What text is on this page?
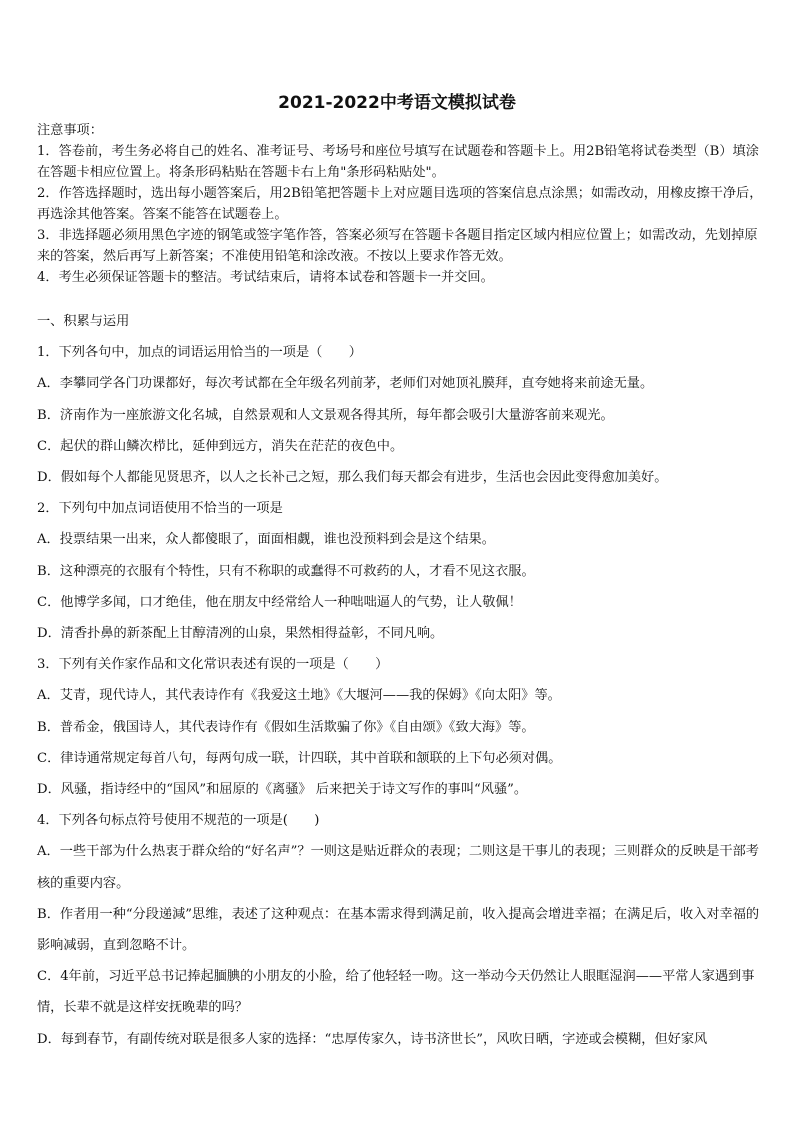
2021-2022中考语文模拟试卷

注意事项：

1．答卷前，考生务必将自己的姓名、准考证号、考场号和座位号填写在试题卷和答题卡上。用2B铅笔将试卷类型（B）填涂在答题卡相应位置上。将条形码粘贴在答题卡右上角"条形码粘贴处"。

2．作答选择题时，选出每小题答案后，用2B铅笔把答题卡上对应题目选项的答案信息点涂黑；如需改动，用橡皮擦干净后，再选涂其他答案。答案不能答在试题卷上。

3．非选择题必须用黑色字迹的钢笔或签字笔作答，答案必须写在答题卡各题目指定区域内相应位置上；如需改动，先划掉原来的答案，然后再写上新答案；不准使用铅笔和涂改液。不按以上要求作答无效。

4．考生必须保证答题卡的整洁。考试结束后，请将本试卷和答题卡一并交回。

一、积累与运用

1．下列各句中，加点的词语运用恰当的一项是（　　）

A．李攀同学各门功课都好，每次考试都在全年级名列前茅，老师们对她顶礼膜拜，直夸她将来前途无量。

B．济南作为一座旅游文化名城，自然景观和人文景观各得其所，每年都会吸引大量游客前来观光。

C．起伏的群山鳞次栉比，延伸到远方，消失在茫茫的夜色中。

D．假如每个人都能见贤思齐，以人之长补己之短，那么我们每天都会有进步，生活也会因此变得愈加美好。

2．下列句中加点词语使用不恰当的一项是

A．投票结果一出来，众人都傻眼了，面面相觑，谁也没预料到会是这个结果。

B．这种漂亮的衣服有个特性，只有不称职的或蠢得不可救药的人，才看不见这衣服。

C．他博学多闻，口才绝佳，他在朋友中经常给人一种咄咄逼人的气势，让人敬佩！

D．清香扑鼻的新茶配上甘醇清冽的山泉，果然相得益彰，不同凡响。

3．下列有关作家作品和文化常识表述有误的一项是（　　）

A．艾青，现代诗人，其代表诗作有《我爱这土地》《大堰河——我的保姆》《向太阳》等。

B．普希金，俄国诗人，其代表诗作有《假如生活欺骗了你》《自由颂》《致大海》等。

C．律诗通常规定每首八句，每两句成一联，计四联，其中首联和颔联的上下句必须对偶。

D．风骚，指诗经中的“国风”和屈原的《离骚》 后来把关于诗文写作的事叫“风骚”。

4．下列各句标点符号使用不规范的一项是(　　)

A．一些干部为什么热衷于群众给的“好名声”？一则这是贴近群众的表现；二则这是干事儿的表现；三则群众的反映是干部考核的重要内容。

B．作者用一种“分段递減”思维，表述了这种观点：在基本需求得到满足前，收入提高会增进幸福；在满足后，收入对幸福的影响减弱，直到忽略不计。

C．4年前，习近平总书记捧起腼腆的小朋友的小脸，给了他轻轻一吻。这一举动今天仍然让人眼眶湿润——平常人家遇到事情，长辈不就是这样安抚晚辈的吗？

D．每到春节，有副传统对联是很多人家的选择：“忠厚传家久，诗书济世长”，风吹日晒，字迹或会模糊，但好家风
